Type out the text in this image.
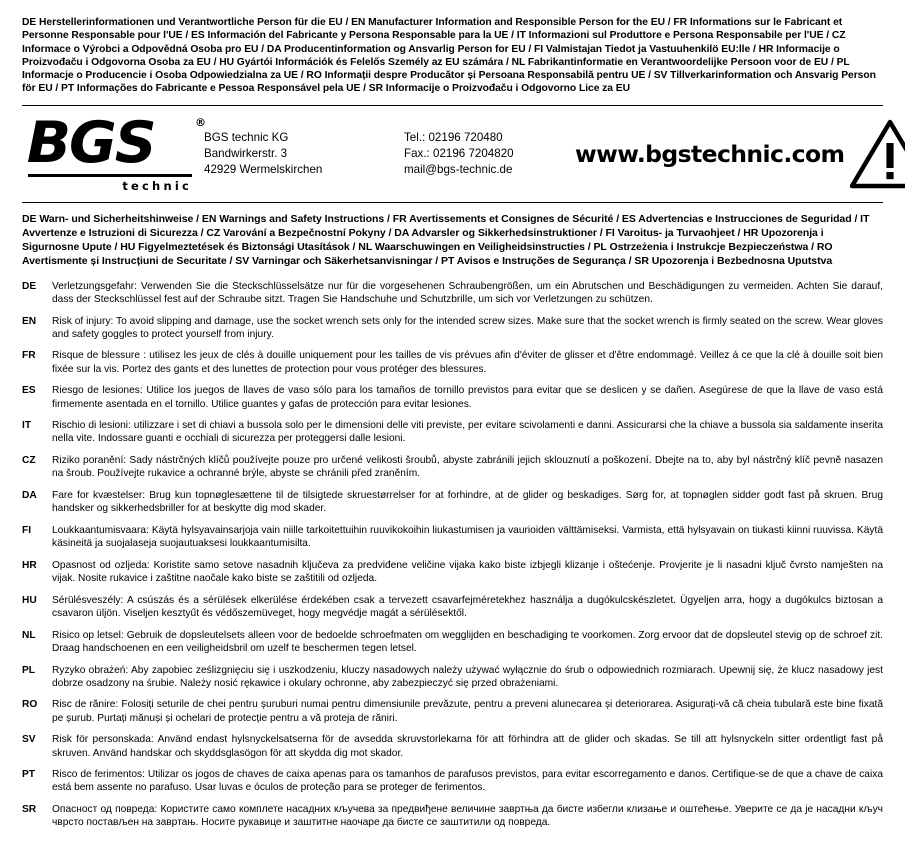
DE Herstellerinformationen und Verantwortliche Person für die EU / EN Manufacturer Information and Responsible Person for the EU / FR Informations sur le Fabricant et Personne Responsable pour l'UE / ES Información del Fabricante y Persona Responsable para la UE / IT Informazioni sul Produttore e Persona Responsabile per l'UE / CZ Informace o Výrobci a Odpovědná Osoba pro EU / DA Producentinformation og Ansvarlig Person for EU / FI Valmistajan Tiedot ja Vastuuhenkilö EU:lle / HR Informacije o Proizvođaču i Odgovorna Osoba za EU / HU Gyártói Információk és Felelős Személy az EU számára / NL Fabrikantinformatie en Verantwoordelijke Persoon voor de EU / PL Informacje o Producencie i Osoba Odpowiedzialna za UE / RO Informații despre Producător și Persoana Responsabilă pentru UE / SV Tillverkarinformation och Ansvarig Person för EU / PT Informações do Fabricante e Pessoa Responsável pela UE / SR Informacije o Proizvođaču i Odgovorno Lice za EU
BGS	®
technic
BGS technic KG
Bandwirkerstr. 3
42929 Wermelskirchen
Tel.: 02196 720480
Fax.: 02196 7204820
mail@bgs-technic.de
www.bgstechnic.com
DE Warn- und Sicherheitshinweise / EN Warnings and Safety Instructions / FR Avertissements et Consignes de Sécurité / ES Advertencias e Instrucciones de Seguridad / IT Avvertenze e Istruzioni di Sicurezza / CZ Varování a Bezpečnostní Pokyny / DA Advarsler og Sikkerhedsinstruktioner / FI Varoitus- ja Turvaohjeet / HR Upozorenja i Sigurnosne Upute / HU Figyelmeztetések és Biztonsági Utasítások / NL Waarschuwingen en Veiligheidsinstructies / PL Ostrzeżenia i Instrukcje Bezpieczeństwa / RO Avertismente și Instrucțiuni de Securitate / SV Varningar och Säkerhetsanvisningar / PT Avisos e Instruções de Segurança / SR Upozorenja i Bezbednosna Uputstva
DE	Verletzungsgefahr: Verwenden Sie die Steckschlüsselsätze nur für die vorgesehenen Schraubengrößen, um ein Abrutschen und Beschädigungen zu vermeiden. Achten Sie darauf, dass der Steckschlüssel fest auf der Schraube sitzt. Tragen Sie Handschuhe und Schutzbrille, um sich vor Verletzungen zu schützen.
EN	Risk of injury: To avoid slipping and damage, use the socket wrench sets only for the intended screw sizes. Make sure that the socket wrench is firmly seated on the screw. Wear gloves and safety goggles to protect yourself from injury.
FR	Risque de blessure : utilisez les jeux de clés à douille uniquement pour les tailles de vis prévues afin d'éviter de glisser et d'être endommagé. Veillez á ce que la clé à douille soit bien fixée sur la vis. Portez des gants et des lunettes de protection pour vous protéger des blessures.
ES	Riesgo de lesiones: Utilice los juegos de llaves de vaso sólo para los tamaños de tornillo previstos para evitar que se deslicen y se dañen. Asegúrese de que la llave de vaso está firmemente asentada en el tornillo. Utilice guantes y gafas de protección para evitar lesiones.
IT	Rischio di lesioni: utilizzare i set di chiavi a bussola solo per le dimensioni delle viti previste, per evitare scivolamenti e danni. Assicurarsi che la chiave a bussola sia saldamente inserita nella vite. Indossare guanti e occhiali di sicurezza per proteggersi dalle lesioni.
CZ	Riziko poranění: Sady nástrčných klíčů používejte pouze pro určené velikosti šroubů, abyste zabránili jejich sklouznutí a poškození. Dbejte na to, aby byl nástrčný klíč pevně nasazen na šroub. Používejte rukavice a ochranné brýle, abyste se chránili před zraněním.
DA	Fare for kvæstelser: Brug kun topnøglesættene til de tilsigtede skruestørrelser for at forhindre, at de glider og beskadiges. Sørg for, at topnøglen sidder godt fast på skruen. Brug handsker og sikkerhedsbriller for at beskytte dig mod skader.
FI	Loukkaantumisvaara: Käytä hylsyavainsarjoja vain niille tarkoitettuihin ruuvikokoihin liukastumisen ja vaurioiden välttämiseksi. Varmista, että hylsyavain on tiukasti kiinni ruuvissa. Käytä käsineitä ja suojalaseja suojautuaksesi loukkaantumisilta.
HR	Opasnost od ozljeda: Koristite samo setove nasadnih ključeva za predviđene veličine vijaka kako biste izbjegli klizanje i oštećenje. Provjerite je li nasadni ključ čvrsto namješten na vijak. Nosite rukavice i zaštitne naočale kako biste se zaštitili od ozljeda.
HU	Sérülésveszély: A csúszás és a sérülések elkerülése érdekében csak a tervezett csavarfejméretekhez használja a dugókulcskészletet. Ügyeljen arra, hogy a dugókulcs biztosan a csavaron üljön. Viseljen kesztyűt és védőszemüveget, hogy megvédje magát a sérülésektől.
NL	Risico op letsel: Gebruik de dopsleutelsets alleen voor de bedoelde schroefmaten om wegglijden en beschadiging te voorkomen. Zorg ervoor dat de dopsleutel stevig op de schroef zit. Draag handschoenen en een veiligheidsbril om uzelf te beschermen tegen letsel.
PL	Ryzyko obrażeń: Aby zapobiec ześlizgnięciu się i uszkodzeniu, kluczy nasadowych należy używać wyłącznie do śrub o odpowiednich rozmiarach. Upewnij się, że klucz nasadowy jest dobrze osadzony na śrubie. Należy nosić rękawice i okulary ochronne, aby zabezpieczyć się przed obrażeniami.
RO	Risc de rănire: Folosiți seturile de chei pentru șuruburi numai pentru dimensiunile prevăzute, pentru a preveni alunecarea și deteriorarea. Asigurați-vă că cheia tubulară este bine fixată pe șurub. Purtați mănuși și ochelari de protecție pentru a vă proteja de răniri.
SV	Risk för personskada: Använd endast hylsnyckelsatserna för de avsedda skruvstorlekarna för att förhindra att de glider och skadas. Se till att hylsnyckeln sitter ordentligt fast på skruven. Använd handskar och skyddsglasögon för att skydda dig mot skador.
PT	Risco de ferimentos: Utilizar os jogos de chaves de caixa apenas para os tamanhos de parafusos previstos, para evitar escorregamento e danos. Certifique-se de que a chave de caixa está bem assente no parafuso. Usar luvas e óculos de proteção para se proteger de ferimentos.
SR	Опасност од повреда: Користите само комплете насадних кључева за предвиђене величине завртња да бисте избегли клизање и оштећење. Уверите се да је насадни кључ чврсто постављен на завртањ. Носите рукавице и заштитне наочаре да бисте се заштитили од повреда.
